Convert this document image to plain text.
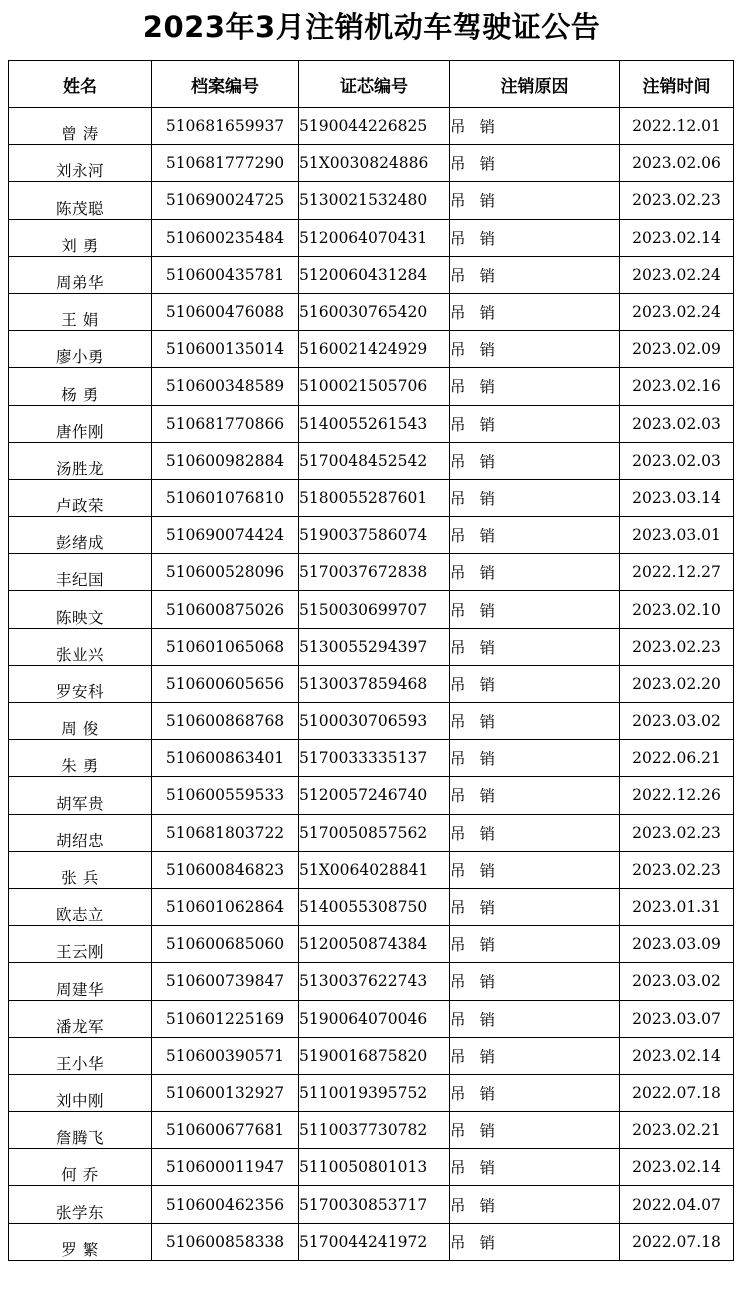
2023年3月注销机动车驾驶证公告
姓名	档案编号	证芯编号	注销原因	注销时间
曾 涛	510681659937	5190044226825	吊销	2022.12.01
刘永河	510681777290	51X0030824886	吊销	2023.02.06
陈茂聪	510690024725	5130021532480	吊销	2023.02.23
刘 勇	510600235484	5120064070431	吊销	2023.02.14
周弟华	510600435781	5120060431284	吊销	2023.02.24
王 娟	510600476088	5160030765420	吊销	2023.02.24
廖小勇	510600135014	5160021424929	吊销	2023.02.09
杨 勇	510600348589	5100021505706	吊销	2023.02.16
唐作刚	510681770866	5140055261543	吊销	2023.02.03
汤胜龙	510600982884	5170048452542	吊销	2023.02.03
卢政荣	510601076810	5180055287601	吊销	2023.03.14
彭绪成	510690074424	5190037586074	吊销	2023.03.01
丰纪国	510600528096	5170037672838	吊销	2022.12.27
陈映文	510600875026	5150030699707	吊销	2023.02.10
张业兴	510601065068	5130055294397	吊销	2023.02.23
罗安科	510600605656	5130037859468	吊销	2023.02.20
周 俊	510600868768	5100030706593	吊销	2023.03.02
朱 勇	510600863401	5170033335137	吊销	2022.06.21
胡军贵	510600559533	5120057246740	吊销	2022.12.26
胡绍忠	510681803722	5170050857562	吊销	2023.02.23
张 兵	510600846823	51X0064028841	吊销	2023.02.23
欧志立	510601062864	5140055308750	吊销	2023.01.31
王云刚	510600685060	5120050874384	吊销	2023.03.09
周建华	510600739847	5130037622743	吊销	2023.03.02
潘龙军	510601225169	5190064070046	吊销	2023.03.07
王小华	510600390571	5190016875820	吊销	2023.02.14
刘中刚	510600132927	5110019395752	吊销	2022.07.18
詹腾飞	510600677681	5110037730782	吊销	2023.02.21
何 乔	510600011947	5110050801013	吊销	2023.02.14
张学东	510600462356	5170030853717	吊销	2022.04.07
罗 繁	510600858338	5170044241972	吊销	2022.07.18
